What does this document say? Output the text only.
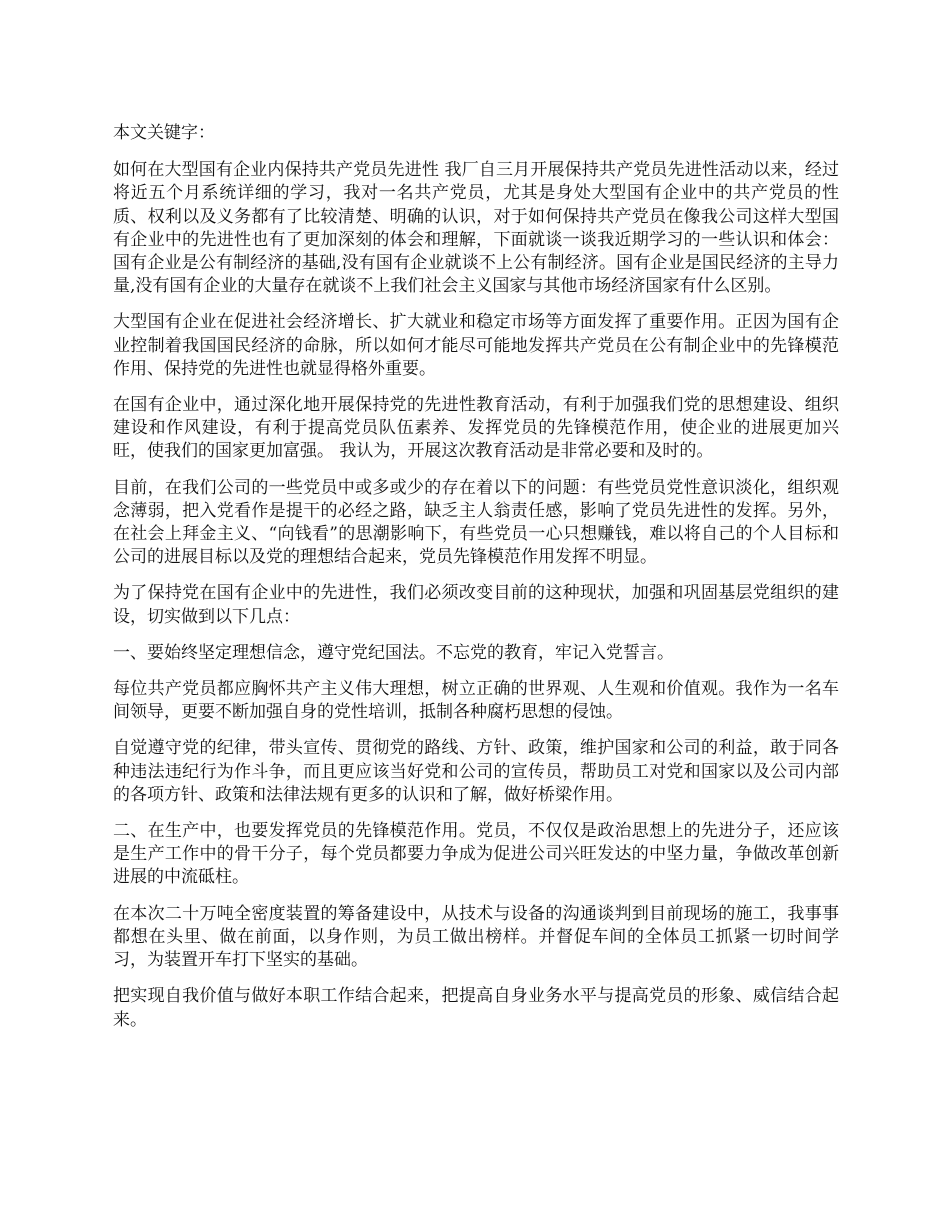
本文关键字：

如何在大型国有企业内保持共产党员先进性 我厂自三月开展保持共产党员先进性活动以来，经过将近五个月系统详细的学习，我对一名共产党员，尤其是身处大型国有企业中的共产党员的性质、权利以及义务都有了比较清楚、明确的认识，对于如何保持共产党员在像我公司这样大型国有企业中的先进性也有了更加深刻的体会和理解，下面就谈一谈我近期学习的一些认识和体会： 国有企业是公有制经济的基础,没有国有企业就谈不上公有制经济。国有企业是国民经济的主导力量,没有国有企业的大量存在就谈不上我们社会主义国家与其他市场经济国家有什么区别。

大型国有企业在促进社会经济增长、扩大就业和稳定市场等方面发挥了重要作用。正因为国有企业控制着我国国民经济的命脉，所以如何才能尽可能地发挥共产党员在公有制企业中的先锋模范作用、保持党的先进性也就显得格外重要。

在国有企业中，通过深化地开展保持党的先进性教育活动，有利于加强我们党的思想建设、组织建设和作风建设，有利于提高党员队伍素养、发挥党员的先锋模范作用，使企业的进展更加兴旺，使我们的国家更加富强。 我认为，开展这次教育活动是非常必要和及时的。

目前，在我们公司的一些党员中或多或少的存在着以下的问题：有些党员党性意识淡化，组织观念薄弱，把入党看作是提干的必经之路，缺乏主人翁责任感，影响了党员先进性的发挥。另外，在社会上拜金主义、“向钱看”的思潮影响下，有些党员一心只想赚钱，难以将自己的个人目标和公司的进展目标以及党的理想结合起来，党员先锋模范作用发挥不明显。

为了保持党在国有企业中的先进性，我们必须改变目前的这种现状，加强和巩固基层党组织的建设，切实做到以下几点：

一、要始终坚定理想信念，遵守党纪国法。不忘党的教育，牢记入党誓言。

每位共产党员都应胸怀共产主义伟大理想，树立正确的世界观、人生观和价值观。我作为一名车间领导，更要不断加强自身的党性培训，抵制各种腐朽思想的侵蚀。

自觉遵守党的纪律，带头宣传、贯彻党的路线、方针、政策，维护国家和公司的利益，敢于同各种违法违纪行为作斗争，而且更应该当好党和公司的宣传员，帮助员工对党和国家以及公司内部的各项方针、政策和法律法规有更多的认识和了解，做好桥梁作用。

二、在生产中，也要发挥党员的先锋模范作用。党员，不仅仅是政治思想上的先进分子，还应该是生产工作中的骨干分子，每个党员都要力争成为促进公司兴旺发达的中坚力量，争做改革创新进展的中流砥柱。

在本次二十万吨全密度装置的筹备建设中，从技术与设备的沟通谈判到目前现场的施工，我事事都想在头里、做在前面，以身作则，为员工做出榜样。并督促车间的全体员工抓紧一切时间学习，为装置开车打下坚实的基础。

把实现自我价值与做好本职工作结合起来，把提高自身业务水平与提高党员的形象、威信结合起来。
